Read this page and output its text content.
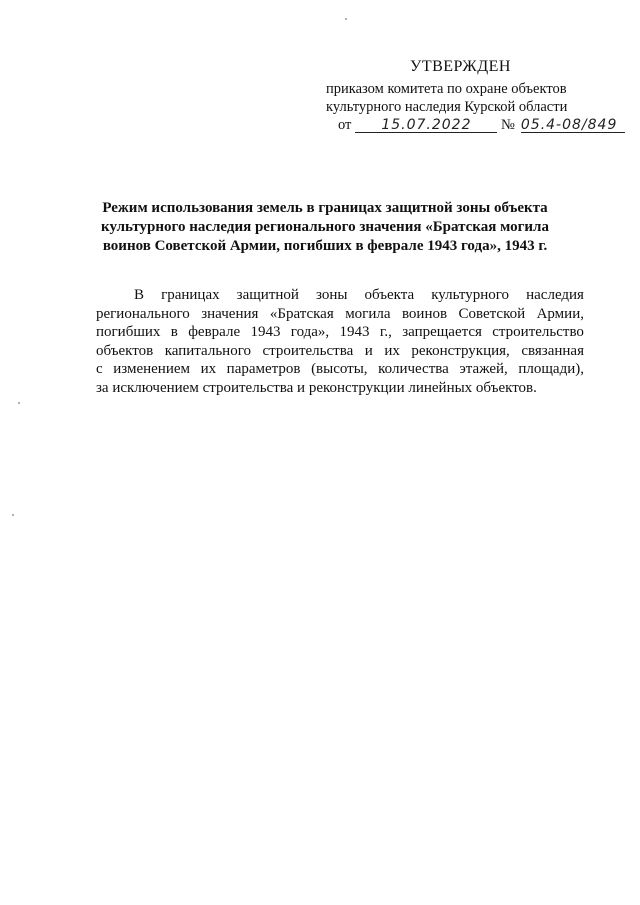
УТВЕРЖДЕН
приказом комитета по охране объектов
культурного наследия Курской области
от 15.07.2022 № 05.4-08/849
Режим использования земель в границах защитной зоны объекта
культурного наследия регионального значения «Братская могила
воинов Советской Армии, погибших в феврале 1943 года», 1943 г.
В границах защитной зоны объекта культурного наследия
регионального значения «Братская могила воинов Советской Армии,
погибших в феврале 1943 года», 1943 г., запрещается строительство
объектов капитального строительства и их реконструкция, связанная
с изменением их параметров (высоты, количества этажей, площади),
за исключением строительства и реконструкции линейных объектов.
